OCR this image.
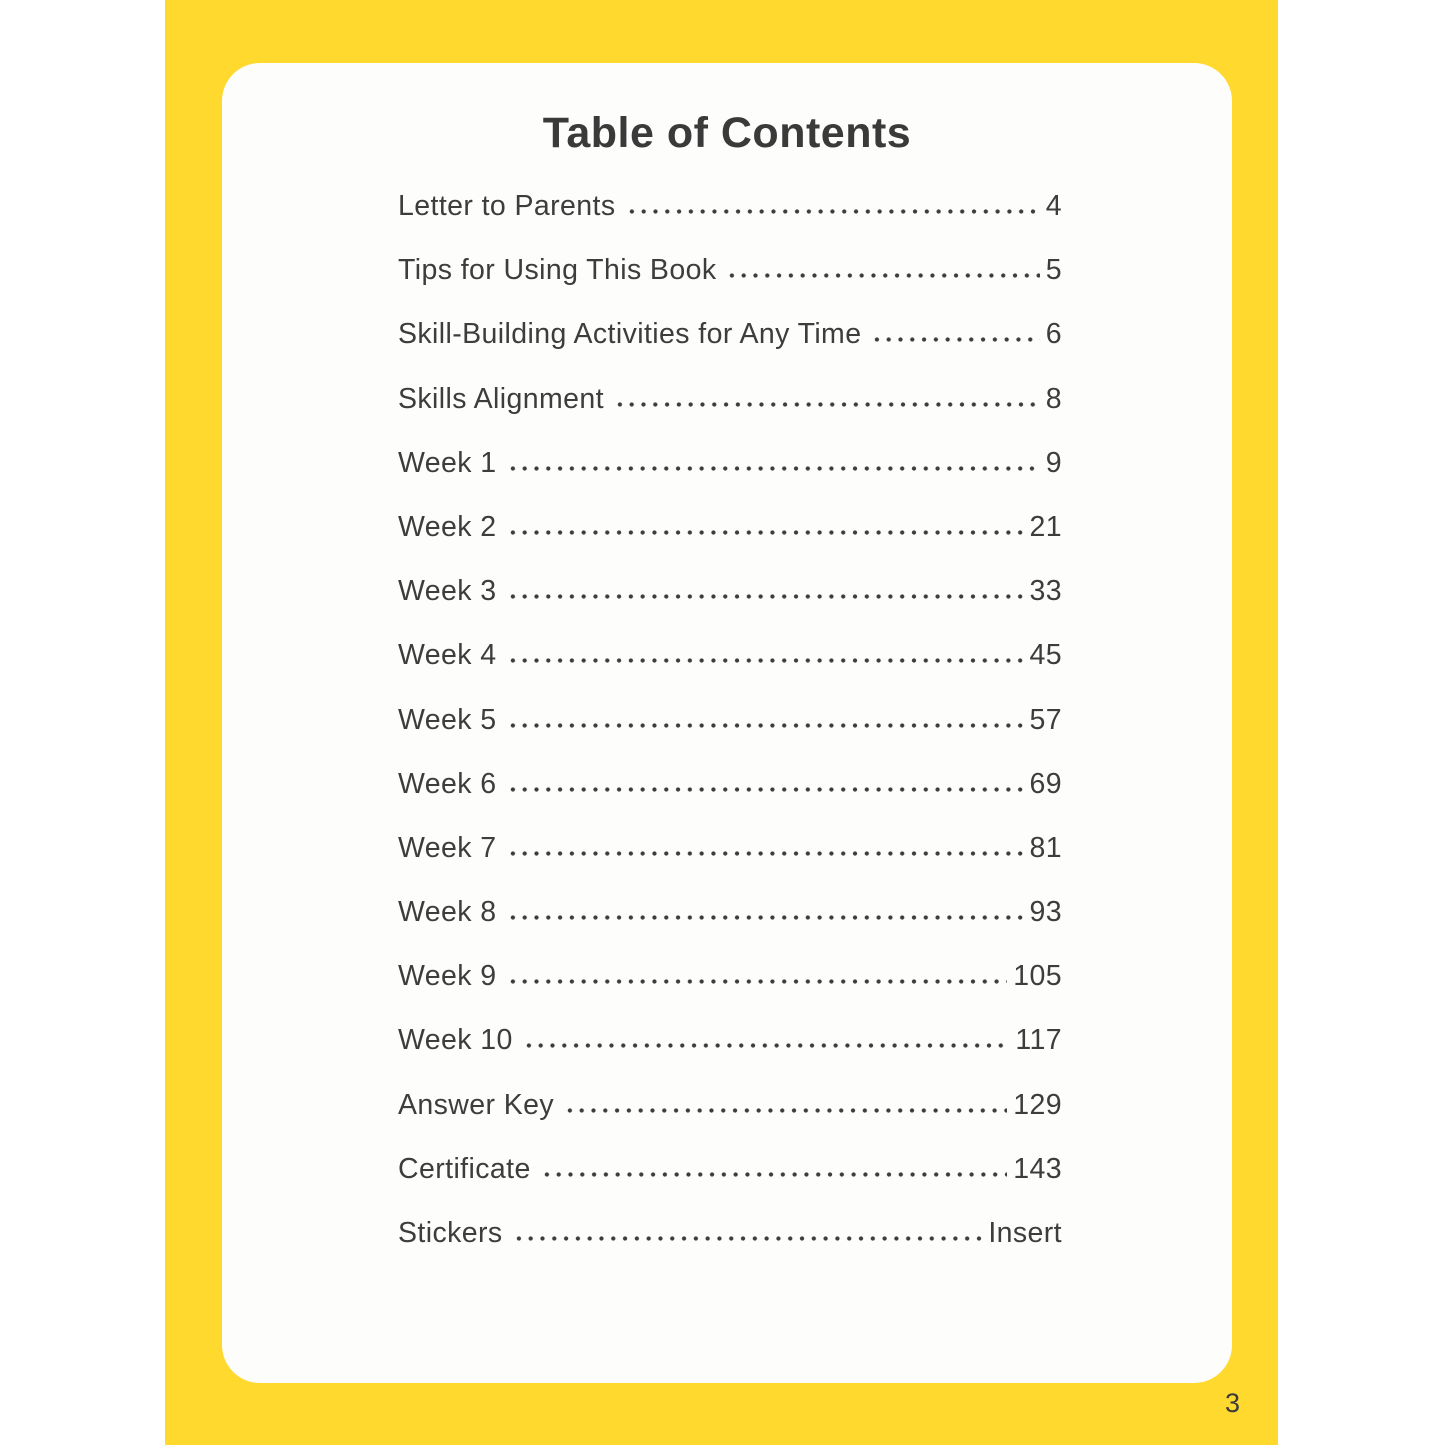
Table of Contents
Letter to Parents	4
Tips for Using This Book	5
Skill-Building Activities for Any Time	6
Skills Alignment	8
Week 1	9
Week 2	21
Week 3	33
Week 4	45
Week 5	57
Week 6	69
Week 7	81
Week 8	93
Week 9	105
Week 10	117
Answer Key	129
Certificate	143
Stickers	Insert
3
